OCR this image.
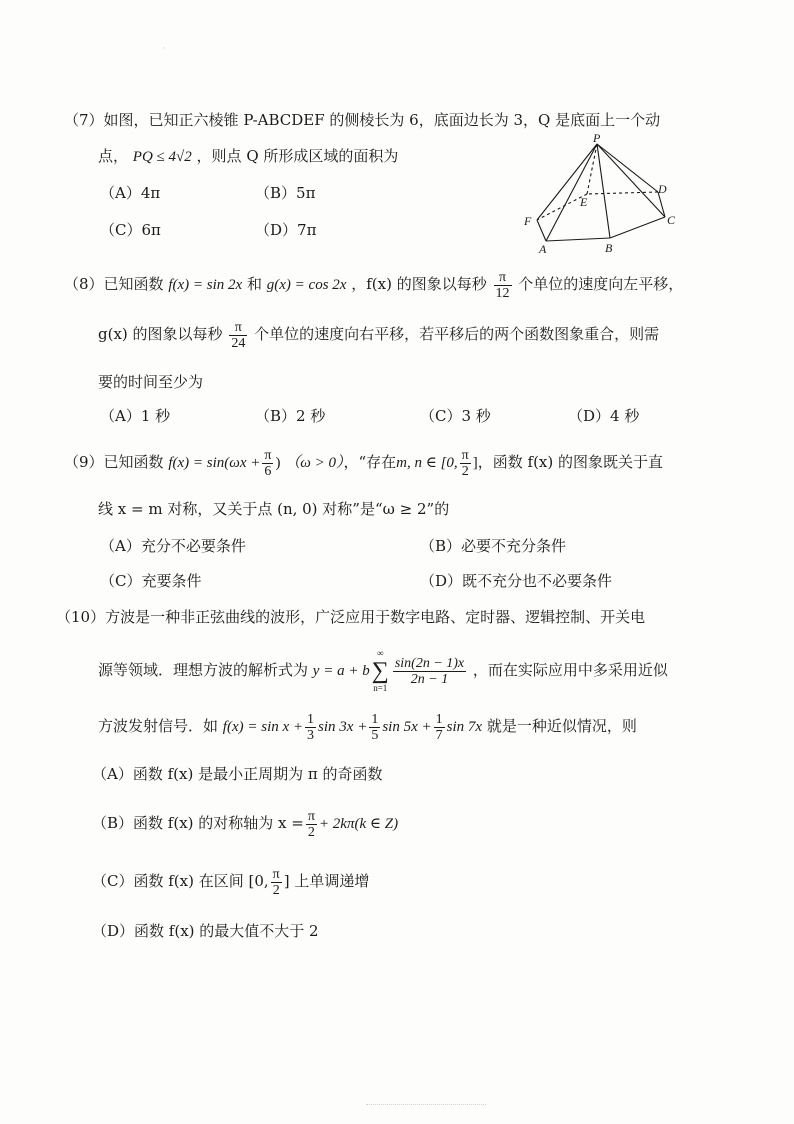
（7）如图，已知正六棱锥 P-ABCDEF 的侧棱长为 6，底面边长为 3，Q 是底面上一个动
点， PQ ≤ 4√2 ，则点 Q 所形成区域的面积为
（A）4π	（B）5π
（C）6π	（D）7π
P
A	B
C
D
E
F
（8）已知函数 f(x) = sin 2x 和 g(x) = cos 2x ，f(x) 的图象以每秒 $\frac{\pi}{12}$ 个单位的速度向左平移，
g(x) 的图象以每秒 $\frac{\pi}{24}$ 个单位的速度向右平移，若平移后的两个函数图象重合，则需
要的时间至少为
（A）1 秒	（B）2 秒	（C）3 秒	（D）4 秒
（9）已知函数 $f(x) = \sin(\omega x + \frac{\pi}{6}$ ) （ω > 0），“存在m, n ∈ [0, $\frac{\pi}{2}$ ]，函数 f(x) 的图象既关于直
线 x = m 对称，又关于点 (n, 0) 对称”是“ω ≥ 2”的
（A）充分不必要条件	（B）必要不充分条件
（C）充要条件	（D）既不充分也不必要条件
（10）方波是一种非正弦曲线的波形，广泛应用于数字电路、定时器、逻辑控制、开关电
源等领域．理想方波的解析式为 y = a + b
∞
∑
n=1
$\frac{\sin(2n - 1)x}{2n - 1}$ ，而在实际应用中多采用近似
方波发射信号．如 $f(x) = \sin x + \frac{1}{3}$ $\sin 3x + \frac{1}{5}$ $\sin 5x + \frac{1}{7}$ sin 7x 就是一种近似情况，则
（A）函数 f(x) 是最小正周期为 π 的奇函数
（B）函数 f(x) 的对称轴为 $x = \frac{\pi}{2} + 2k\pi(k$ ∈ Z)
（C）函数 f(x) 在区间 [0, $\frac{\pi}{2}$ ] 上单调递增
（D）函数 f(x) 的最大值不大于 2
·
